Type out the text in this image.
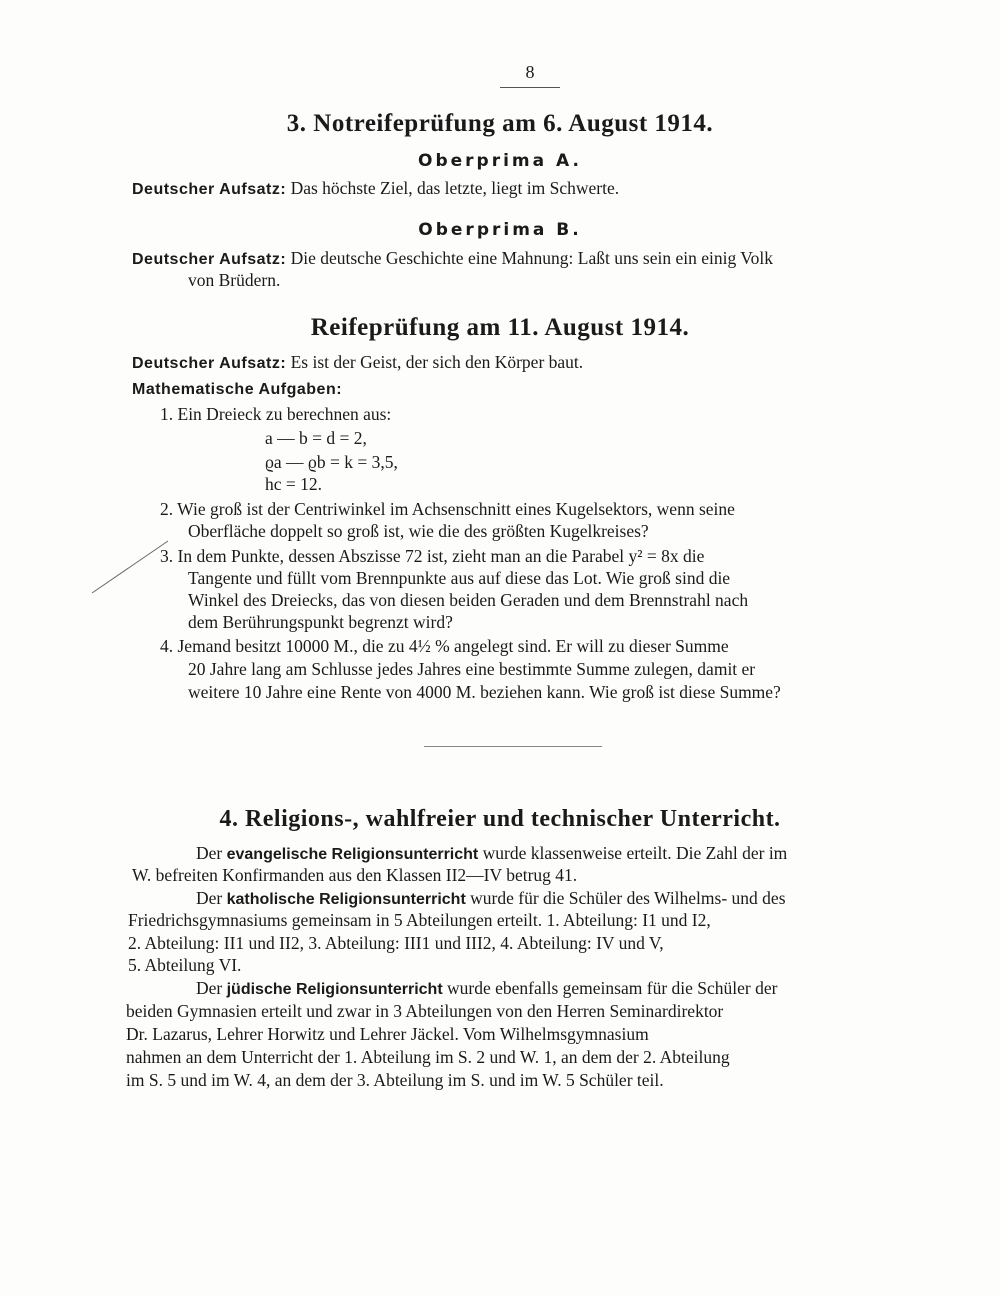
8
3. Notreifeprüfung am 6. August 1914.
Oberprima A.
Deutscher Aufsatz: Das höchste Ziel, das letzte, liegt im Schwerte.
Oberprima B.
Deutscher Aufsatz: Die deutsche Geschichte eine Mahnung: Laßt uns sein ein einig Volk
von Brüdern.
Reifeprüfung am 11. August 1914.
Deutscher Aufsatz: Es ist der Geist, der sich den Körper baut.
Mathematische Aufgaben:
1. Ein Dreieck zu berechnen aus:
a — b = d = 2,
ϱa — ϱb = k = 3,5,
hc = 12.
2. Wie groß ist der Centriwinkel im Achsenschnitt eines Kugelsektors, wenn seine
Oberfläche doppelt so groß ist, wie die des größten Kugelkreises?
3. In dem Punkte, dessen Abszisse 72 ist, zieht man an die Parabel y² = 8x die
Tangente und füllt vom Brennpunkte aus auf diese das Lot. Wie groß sind die
Winkel des Dreiecks, das von diesen beiden Geraden und dem Brennstrahl nach
dem Berührungspunkt begrenzt wird?
4. Jemand besitzt 10000 M., die zu 4½ % angelegt sind. Er will zu dieser Summe
20 Jahre lang am Schlusse jedes Jahres eine bestimmte Summe zulegen, damit er
weitere 10 Jahre eine Rente von 4000 M. beziehen kann. Wie groß ist diese Summe?
4. Religions-, wahlfreier und technischer Unterricht.
Der evangelische Religionsunterricht wurde klassenweise erteilt. Die Zahl der im
W. befreiten Konfirmanden aus den Klassen II2—IV betrug 41.
Der katholische Religionsunterricht wurde für die Schüler des Wilhelms- und des
Friedrichsgymnasiums gemeinsam in 5 Abteilungen erteilt. 1. Abteilung: I1 und I2,
2. Abteilung: II1 und II2, 3. Abteilung: III1 und III2, 4. Abteilung: IV und V,
5. Abteilung VI.
Der jüdische Religionsunterricht wurde ebenfalls gemeinsam für die Schüler der
beiden Gymnasien erteilt und zwar in 3 Abteilungen von den Herren Seminardirektor
Dr. Lazarus, Lehrer Horwitz und Lehrer Jäckel. Vom Wilhelmsgymnasium
nahmen an dem Unterricht der 1. Abteilung im S. 2 und W. 1, an dem der 2. Abteilung
im S. 5 und im W. 4, an dem der 3. Abteilung im S. und im W. 5 Schüler teil.
